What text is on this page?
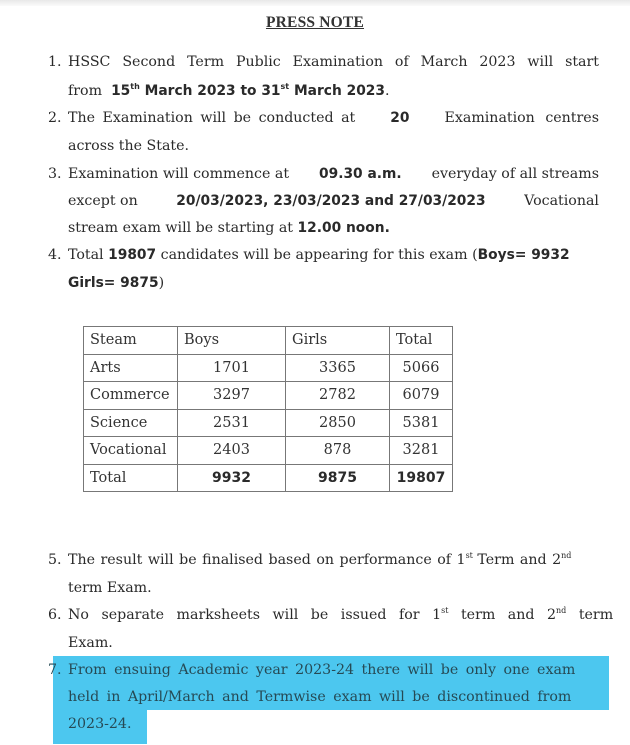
PRESS NOTE
1. HSSC Second Term Public Examination of March 2023 will start
from 15th March 2023 to 31st March 2023.
2. The Examination will be conducted at	20 Examination centres
across the State.
3. Examination will commence at 09.30 a.m. everyday of all streams
except on	20/03/2023, 23/03/2023 and 27/03/2023	Vocational
stream exam will be starting at 12.00 noon.
4. Total 19807 candidates will be appearing for this exam (Boys= 9932
Girls= 9875)
Steam	Boys	Girls	Total
Arts	1701	3365	5066
Commerce	3297	2782	6079
Science	2531	2850	5381
Vocational	2403	878	3281
Total	9932	9875	19807
5. The result will be finalised based on performance of 1st Term and 2nd
term Exam.
6. No separate marksheets will be issued for 1st term and 2nd term
Exam.
7. From ensuing Academic year 2023-24 there will be only one exam
held in April/March and Termwise exam will be discontinued from
2023-24.
